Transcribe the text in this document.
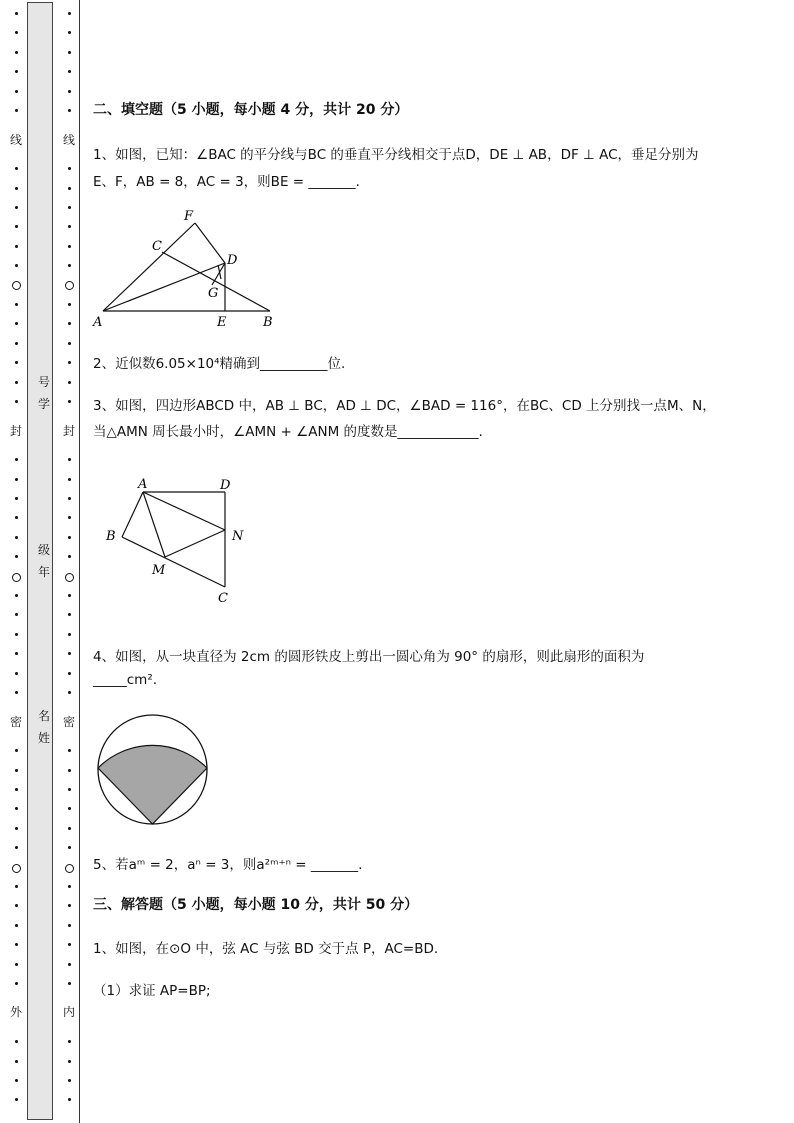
线
封
密
外
号
学
级
年
名
姓
线
封
密
内
二、填空题（5 小题，每小题 4 分，共计 20 分）
1、如图，已知：∠BAC 的平分线与BC 的垂直平分线相交于点D，DE ⊥ AB，DF ⊥ AC，垂足分别为
E、F，AB = 8，AC = 3，则BE = _______.
F
C
D
G
A	E	B
2、近似数6.05×10⁴精确到__________位.
3、如图，四边形ABCD 中，AB ⊥ BC，AD ⊥ DC，∠BAD = 116°，在BC、CD 上分别找一点M、N，
当△AMN 周长最小时，∠AMN + ∠ANM 的度数是____________.
A	D
B	N
M
C
4、如图，从一块直径为 2cm 的圆形铁皮上剪出一圆心角为 90° 的扇形，则此扇形的面积为
_____cm².
5、若aᵐ = 2，aⁿ = 3，则a²ᵐ⁺ⁿ = _______.
三、解答题（5 小题，每小题 10 分，共计 50 分）
1、如图，在⊙O 中，弦 AC 与弦 BD 交于点 P，AC=BD.
（1）求证 AP=BP;
